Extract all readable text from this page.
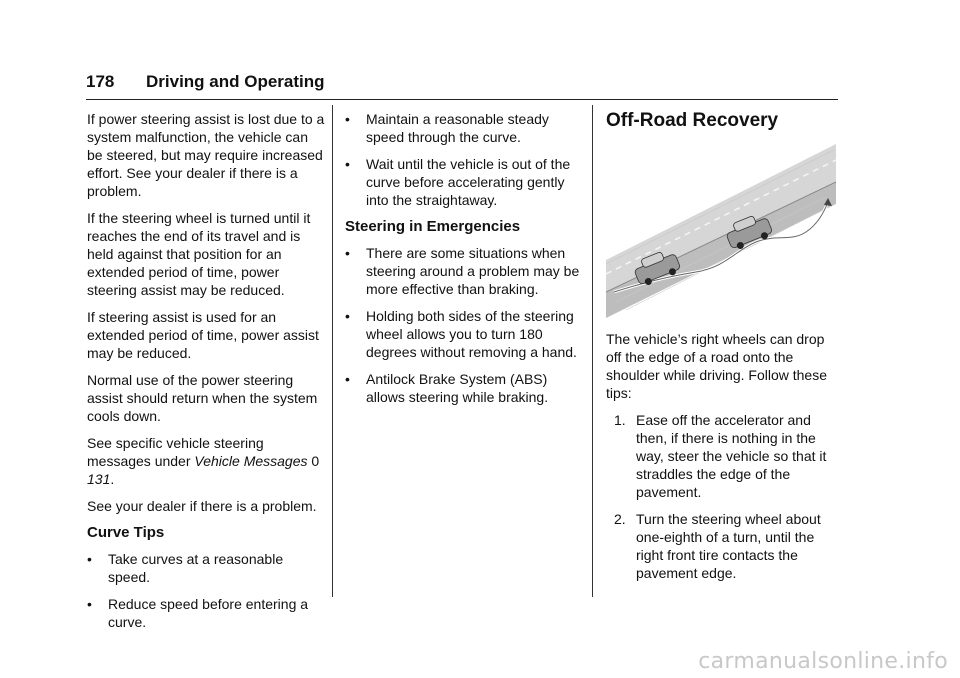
178 Driving and Operating

If power steering assist is lost due to a system malfunction, the vehicle can be steered, but may require increased effort. See your dealer if there is a problem.

If the steering wheel is turned until it reaches the end of its travel and is held against that position for an extended period of time, power steering assist may be reduced.

If steering assist is used for an extended period of time, power assist may be reduced.

Normal use of the power steering assist should return when the system cools down.

See specific vehicle steering messages under Vehicle Messages 0 131.

See your dealer if there is a problem.

Curve Tips
• Take curves at a reasonable speed.
• Reduce speed before entering a curve.
• Maintain a reasonable steady speed through the curve.
• Wait until the vehicle is out of the curve before accelerating gently into the straightaway.
Steering in Emergencies
• There are some situations when steering around a problem may be more effective than braking.
• Holding both sides of the steering wheel allows you to turn 180 degrees without removing a hand.
• Antilock Brake System (ABS) allows steering while braking.
Off-Road Recovery

The vehicle’s right wheels can drop off the edge of a road onto the shoulder while driving. Follow these tips:

1. Ease off the accelerator and then, if there is nothing in the way, steer the vehicle so that it straddles the edge of the pavement.
2. Turn the steering wheel about one-eighth of a turn, until the right front tire contacts the pavement edge.
carmanualsonline.info
